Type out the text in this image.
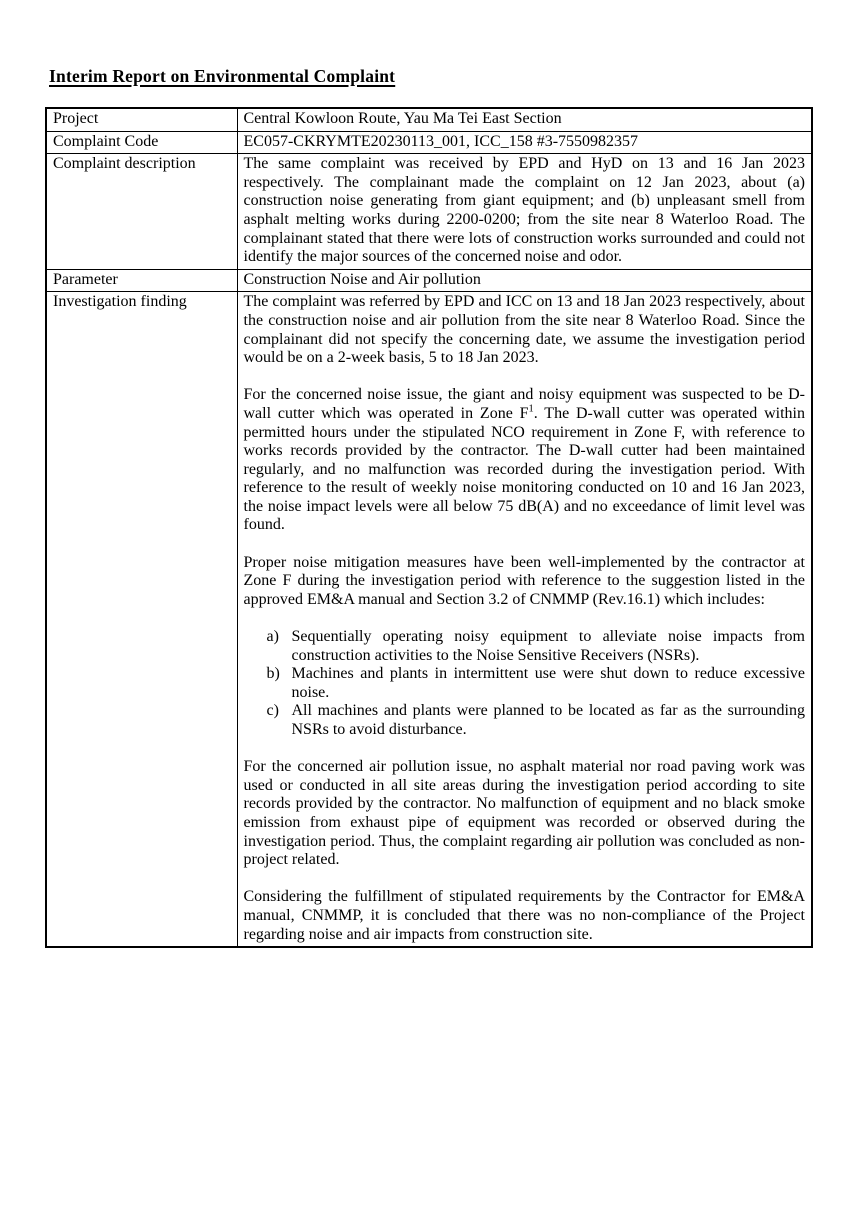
Interim Report on Environmental Complaint
Project	Central Kowloon Route, Yau Ma Tei East Section
Complaint Code	EC057-CKRYMTE20230113_001, ICC_158 #3-7550982357
Complaint description	The same complaint was received by EPD and HyD on 13 and 16 Jan 2023 respectively. The complainant made the complaint on 12 Jan 2023, about (a) construction noise generating from giant equipment; and (b) unpleasant smell from asphalt melting works during 2200-0200; from the site near 8 Waterloo Road. The complainant stated that there were lots of construction works surrounded and could not identify the major sources of the concerned noise and odor.

Parameter	Construction Noise and Air pollution
Investigation finding	The complaint was referred by EPD and ICC on 13 and 18 Jan 2023 respectively, about the construction noise and air pollution from the site near 8 Waterloo Road. Since the complainant did not specify the concerning date, we assume the investigation period would be on a 2-week basis, 5 to 18 Jan 2023.
For the concerned noise issue, the giant and noisy equipment was suspected to be D-wall cutter which was operated in Zone F$^1$. The D-wall cutter was operated within permitted hours under the stipulated NCO requirement in Zone F, with reference to works records provided by the contractor. The D-wall cutter had been maintained regularly, and no malfunction was recorded during the investigation period. With reference to the result of weekly noise monitoring conducted on 10 and 16 Jan 2023, the noise impact levels were all below 75 dB(A) and no exceedance of limit level was found.
Proper noise mitigation measures have been well-implemented by the contractor at Zone F during the investigation period with reference to the suggestion listed in the approved EM&A manual and Section 3.2 of CNMMP (Rev.16.1) which includes:
a) Sequentially operating noisy equipment to alleviate noise impacts from construction activities to the Noise Sensitive Receivers (NSRs).
b) Machines and plants in intermittent use were shut down to reduce excessive noise.
c) All machines and plants were planned to be located as far as the surrounding NSRs to avoid disturbance.
For the concerned air pollution issue, no asphalt material nor road paving work was used or conducted in all site areas during the investigation period according to site records provided by the contractor. No malfunction of equipment and no black smoke emission from exhaust pipe of equipment was recorded or observed during the investigation period. Thus, the complaint regarding air pollution was concluded as non-project related.
Considering the fulfillment of stipulated requirements by the Contractor for EM&A manual, CNMMP, it is concluded that there was no non-compliance of the Project regarding noise and air impacts from construction site.
